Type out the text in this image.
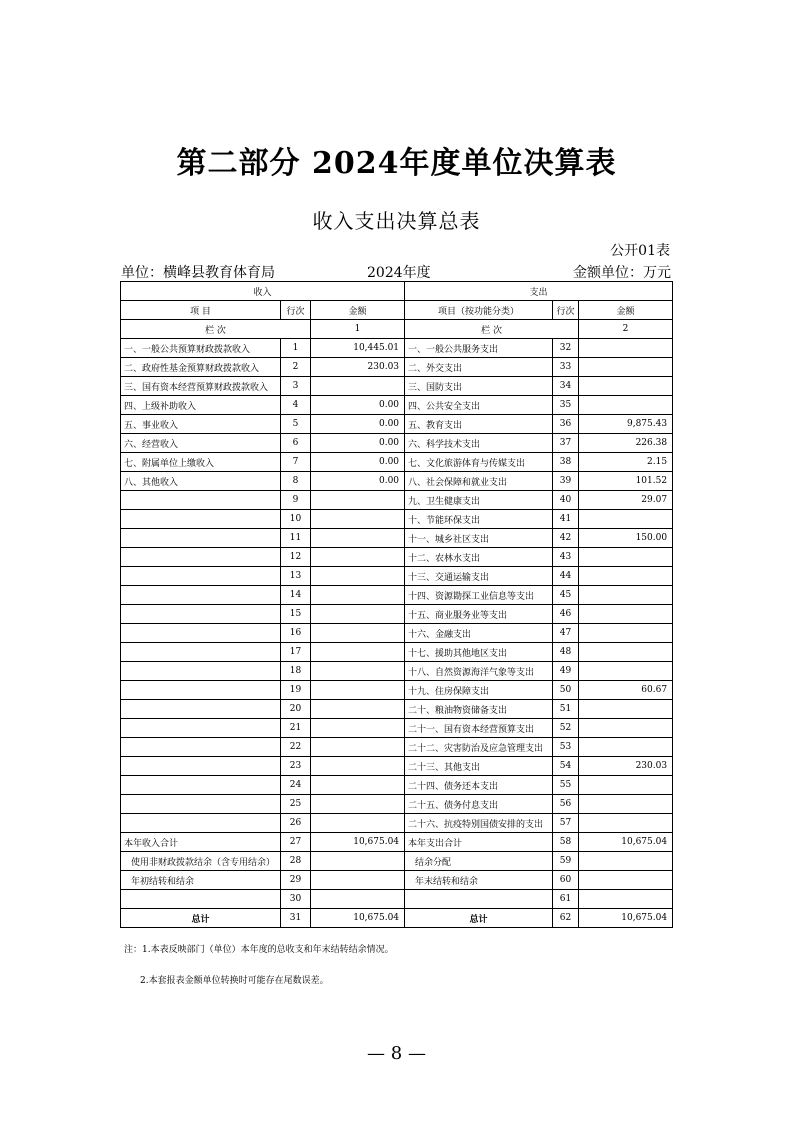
第二部分 2024年度单位决算表
收入支出决算总表
公开01表
单位：横峰县教育体育局	2024年度	金额单位：万元
收入			支出		
项 目	行次	金额	项目（按功能分类）	行次	金额
栏 次		1	栏 次		2
一、一般公共预算财政拨款收入	1	10,445.01	一、一般公共服务支出	32	
二、政府性基金预算财政拨款收入	2	230.03	二、外交支出	33	
三、国有资本经营预算财政拨款收入	3		三、国防支出	34	
四、上级补助收入	4	0.00	四、公共安全支出	35	
五、事业收入	5	0.00	五、教育支出	36	9,875.43
六、经营收入	6	0.00	六、科学技术支出	37	226.38
七、附属单位上缴收入	7	0.00	七、文化旅游体育与传媒支出	38	2.15
八、其他收入	8	0.00	八、社会保障和就业支出	39	101.52
	9		九、卫生健康支出	40	29.07
	10		十、节能环保支出	41	
	11		十一、城乡社区支出	42	150.00
	12		十二、农林水支出	43	
	13		十三、交通运输支出	44	
	14		十四、资源勘探工业信息等支出	45	
	15		十五、商业服务业等支出	46	
	16		十六、金融支出	47	
	17		十七、援助其他地区支出	48	
	18		十八、自然资源海洋气象等支出	49	
	19		十九、住房保障支出	50	60.67
	20		二十、粮油物资储备支出	51	
	21		二十一、国有资本经营预算支出	52	
	22		二十二、灾害防治及应急管理支出	53	
	23		二十三、其他支出	54	230.03
	24		二十四、债务还本支出	55	
	25		二十五、债务付息支出	56	
	26		二十六、抗疫特别国债安排的支出	57	
本年收入合计	27	10,675.04	本年支出合计	58	10,675.04
使用非财政拨款结余（含专用结余）	28		结余分配	59	
年初结转和结余	29		年末结转和结余	60	
	30			61	
总计	31	10,675.04	总计	62	10,675.04
注：1.本表反映部门（单位）本年度的总收支和年末结转结余情况。
2.本套报表金额单位转换时可能存在尾数误差。
— 8 —
